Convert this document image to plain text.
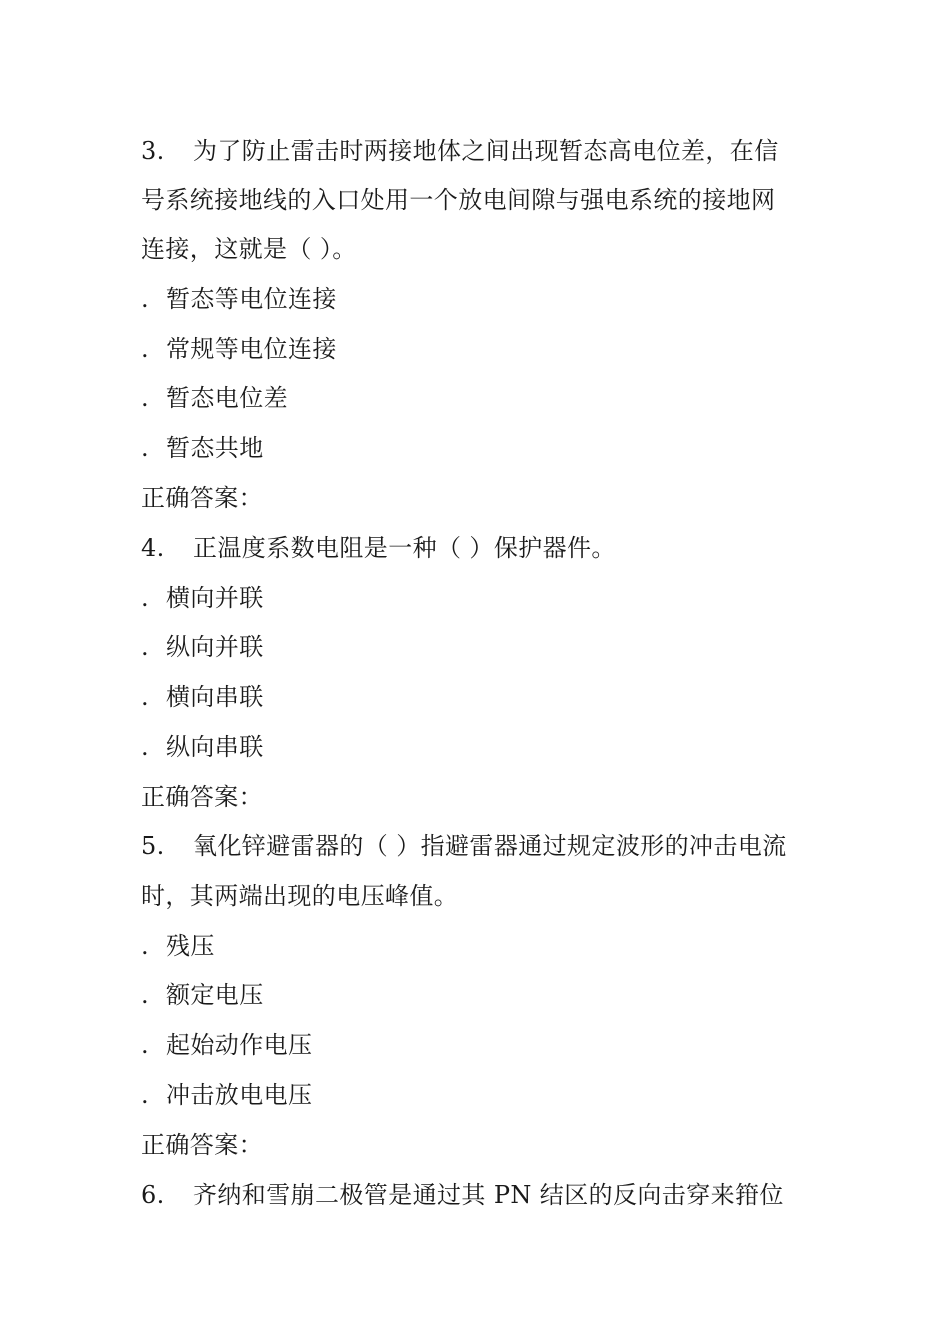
3. 为了防止雷击时两接地体之间出现暂态高电位差，在信
号系统接地线的入口处用一个放电间隙与强电系统的接地网
连接，这就是（ ）。
. 暂态等电位连接
. 常规等电位连接
. 暂态电位差
. 暂态共地
正确答案：
4. 正温度系数电阻是一种（ ）保护器件。
. 横向并联
. 纵向并联
. 横向串联
. 纵向串联
正确答案：
5. 氧化锌避雷器的（ ）指避雷器通过规定波形的冲击电流
时，其两端出现的电压峰值。
. 残压
. 额定电压
. 起始动作电压
. 冲击放电电压
正确答案：
6. 齐纳和雪崩二极管是通过其 PN 结区的反向击穿来箝位
